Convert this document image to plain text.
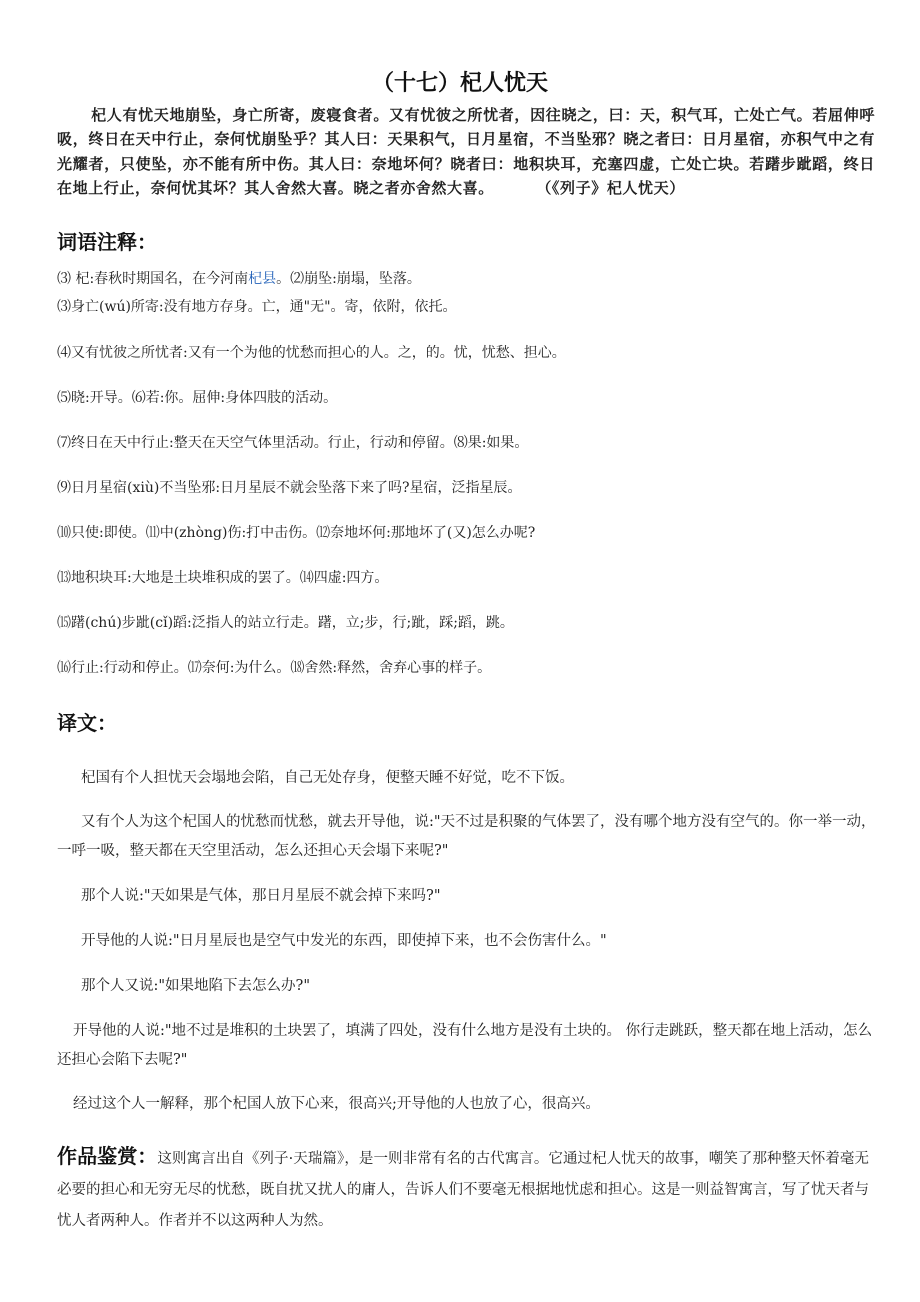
（十七）杞人忧天
杞人有忧天地崩坠，身亡所寄，废寝食者。又有忧彼之所忧者，因往晓之，曰：天，积气耳，亡处亡气。若屈伸呼吸，终日在天中行止，奈何忧崩坠乎？其人曰：天果积气，日月星宿，不当坠邪？晓之者曰：日月星宿，亦积气中之有光耀者，只使坠，亦不能有所中伤。其人曰：奈地坏何？晓者曰：地积块耳，充塞四虚，亡处亡块。若躇步跐蹈，终日在地上行止，奈何忧其坏？其人舍然大喜。晓之者亦舍然大喜。	（《列子》杞人忧天）
词语注释：
⑶ 杞:春秋时期国名，在今河南杞县。⑵崩坠:崩塌，坠落。
⑶身亡(wú)所寄:没有地方存身。亡，通"无"。寄，依附，依托。
⑷又有忧彼之所忧者:又有一个为他的忧愁而担心的人。之，的。忧，忧愁、担心。
⑸晓:开导。⑹若:你。屈伸:身体四肢的活动。
⑺终日在天中行止:整天在天空气体里活动。行止，行动和停留。⑻果:如果。
⑼日月星宿(xiù)不当坠邪:日月星辰不就会坠落下来了吗?星宿，泛指星辰。
⑽只使:即使。⑾中(zhòng)伤:打中击伤。⑿奈地坏何:那地坏了(又)怎么办呢?
⒀地积块耳:大地是土块堆积成的罢了。⒁四虚:四方。
⒂躇(chú)步跐(cǐ)蹈:泛指人的站立行走。躇，立;步，行;跐，踩;蹈，跳。
⒃行止:行动和停止。⒄奈何:为什么。⒅舍然:释然，舍弃心事的样子。
译文：
杞国有个人担忧天会塌地会陷，自己无处存身，便整天睡不好觉，吃不下饭。
又有个人为这个杞国人的忧愁而忧愁，就去开导他，说:"天不过是积聚的气体罢了，没有哪个地方没有空气的。你一举一动，一呼一吸，整天都在天空里活动，怎么还担心天会塌下来呢?"
那个人说:"天如果是气体，那日月星辰不就会掉下来吗?"
开导他的人说:"日月星辰也是空气中发光的东西，即使掉下来，也不会伤害什么。"
那个人又说:"如果地陷下去怎么办?"
开导他的人说:"地不过是堆积的土块罢了，填满了四处，没有什么地方是没有土块的。 你行走跳跃，整天都在地上活动，怎么还担心会陷下去呢?"
经过这个人一解释，那个杞国人放下心来，很高兴;开导他的人也放了心，很高兴。
作品鉴赏：这则寓言出自《列子·天瑞篇》，是一则非常有名的古代寓言。它通过杞人忧天的故事，嘲笑了那种整天怀着毫无必要的担心和无穷无尽的忧愁，既自扰又扰人的庸人，告诉人们不要毫无根据地忧虑和担心。这是一则益智寓言，写了忧天者与忧人者两种人。作者并不以这两种人为然。
